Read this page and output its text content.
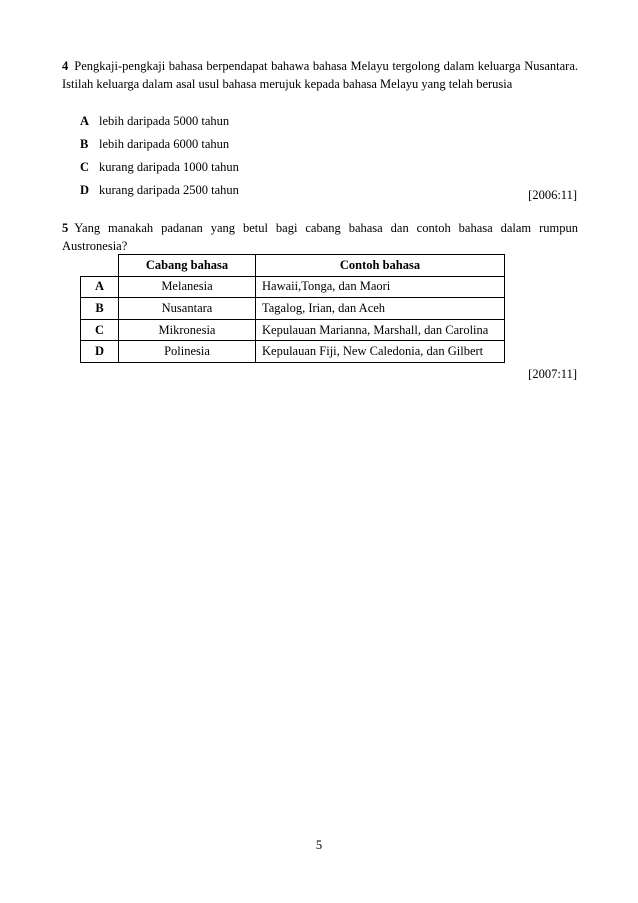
4 Pengkaji-pengkaji bahasa berpendapat bahawa bahasa Melayu tergolong dalam keluarga Nusantara. Istilah keluarga dalam asal usul bahasa merujuk kepada bahasa Melayu yang telah berusia
A lebih daripada 5000 tahun
B lebih daripada 6000 tahun
C kurang daripada 1000 tahun
D kurang daripada 2500 tahun	[2006:11]
5 Yang manakah padanan yang betul bagi cabang bahasa dan contoh bahasa dalam rumpun Austronesia?
	Cabang bahasa	Contoh bahasa
A	Melanesia	Hawaii,Tonga, dan Maori
B	Nusantara	Tagalog, Irian, dan Aceh
C	Mikronesia	Kepulauan Marianna, Marshall, dan Carolina
D	Polinesia	Kepulauan Fiji, New Caledonia, dan Gilbert
[2007:11]
5
